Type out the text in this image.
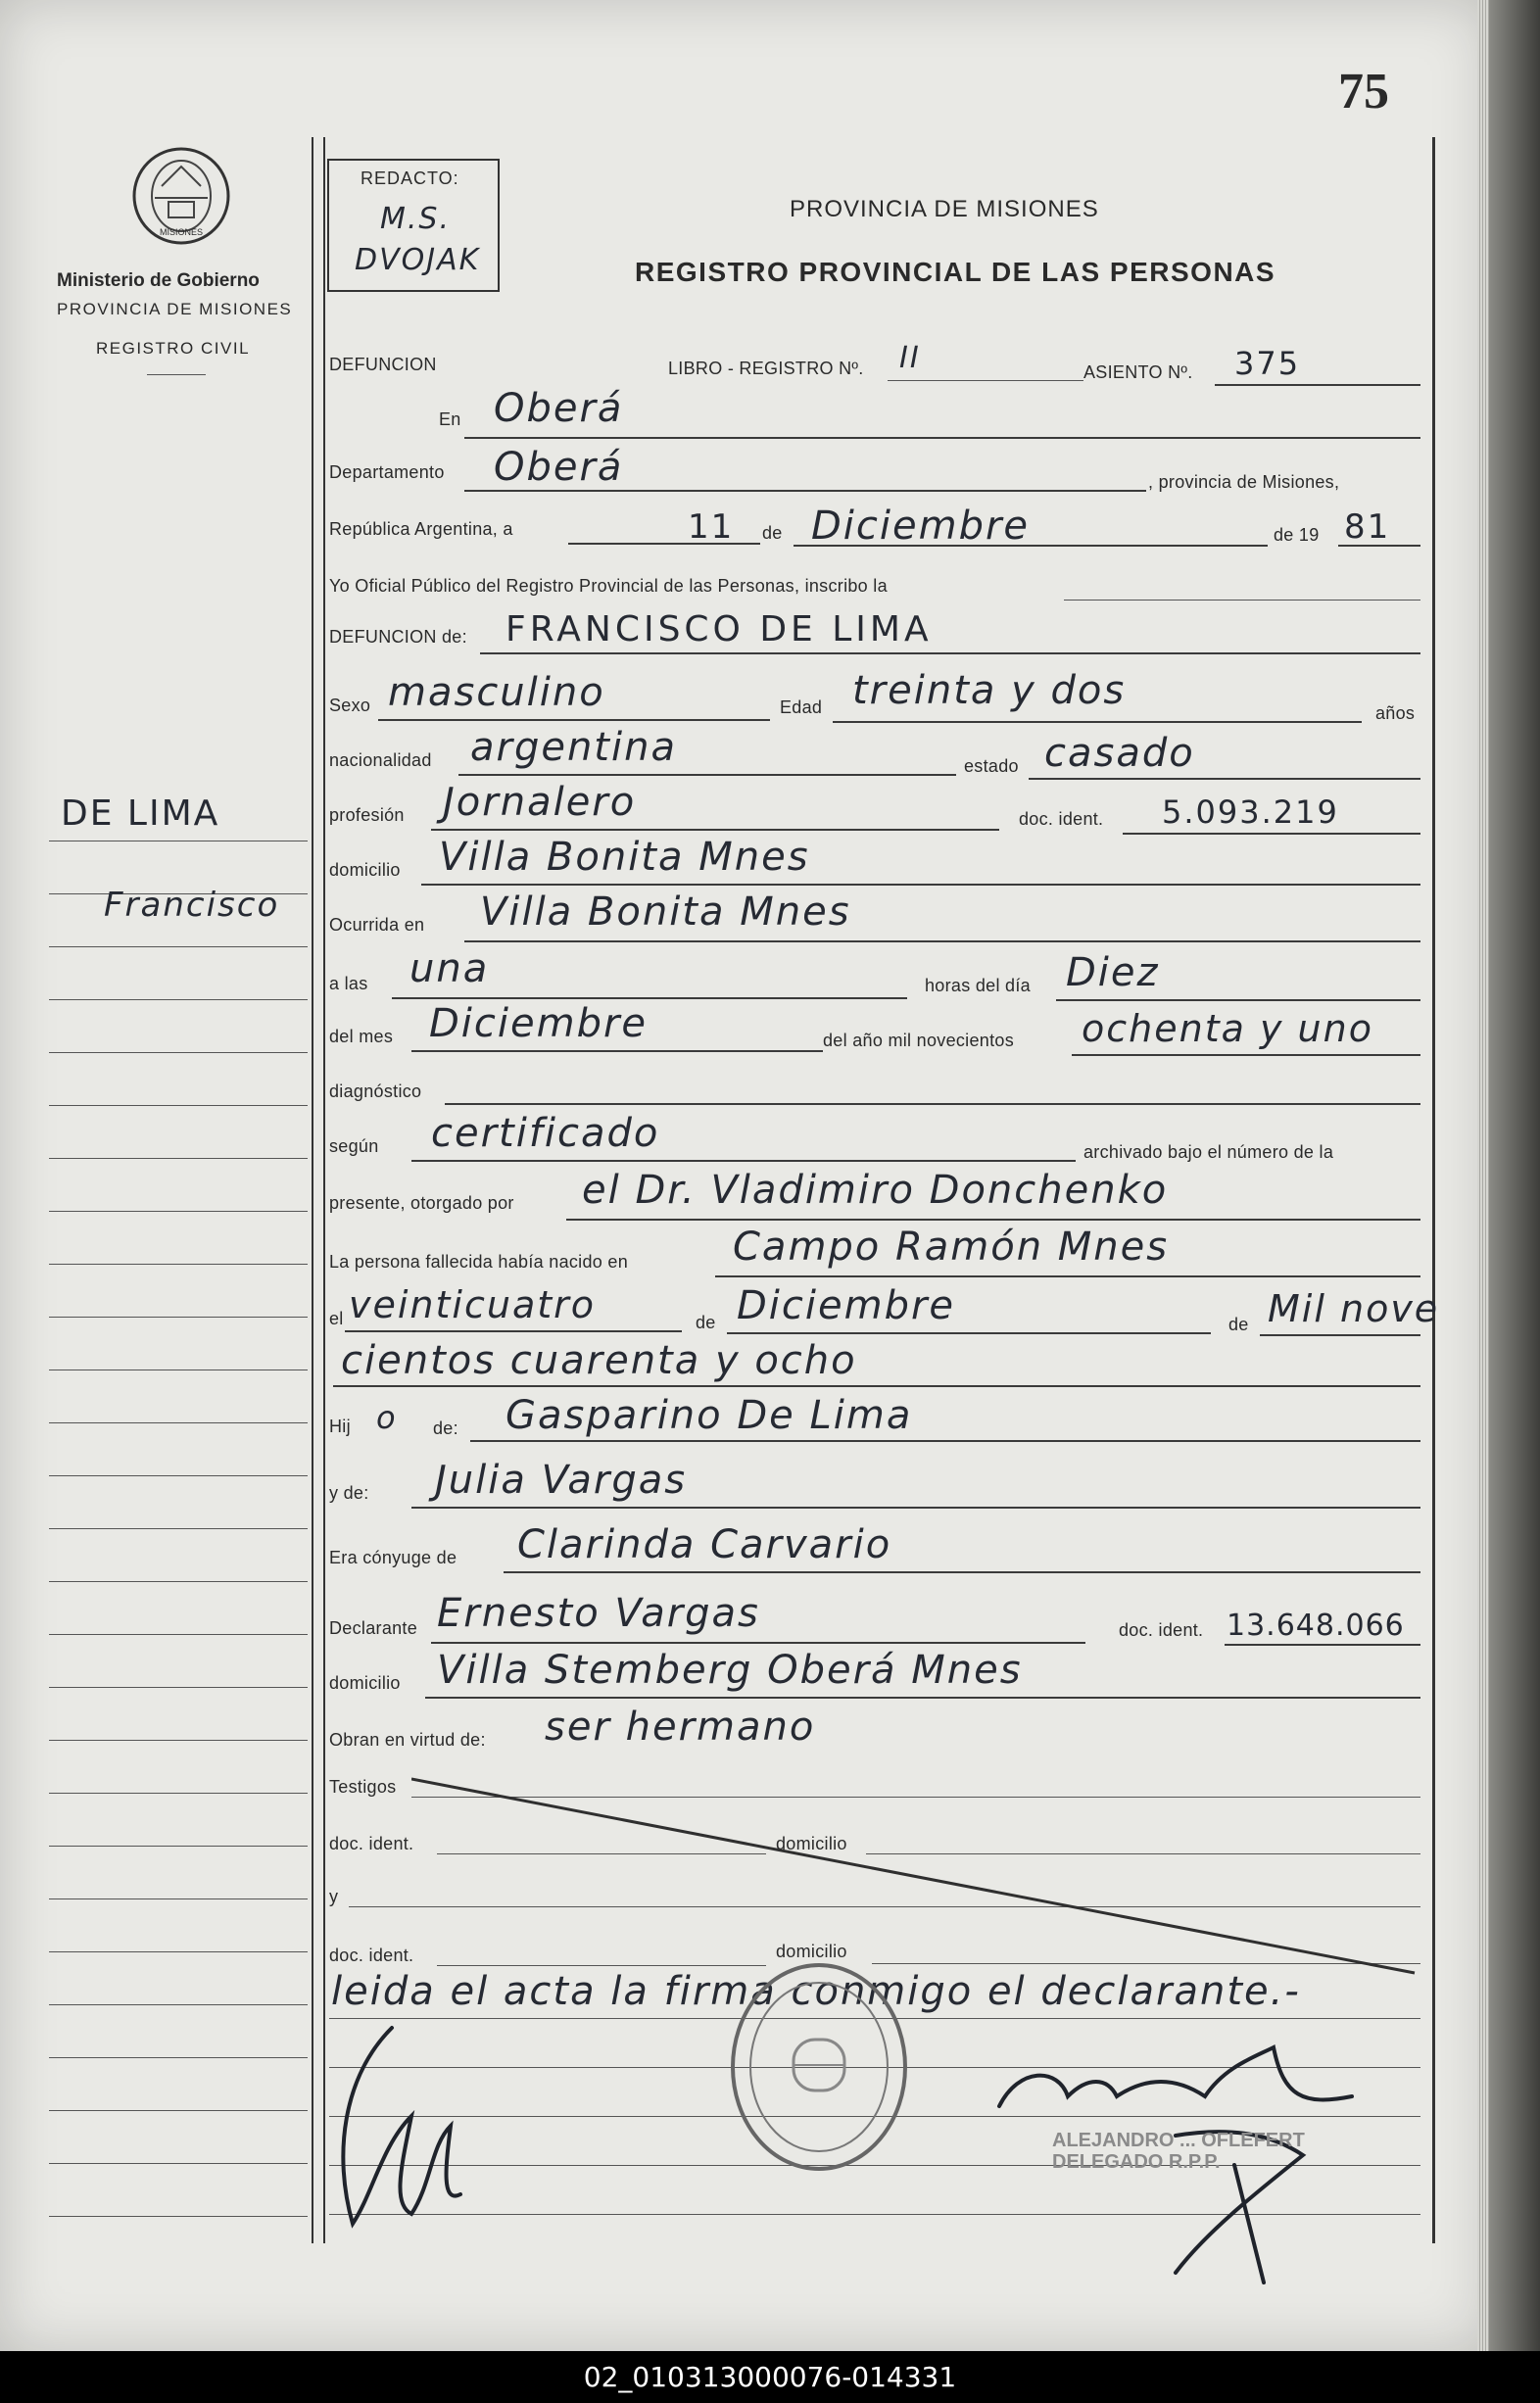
75
MISIONES
Ministerio de Gobierno
PROVINCIA DE MISIONES
REGISTRO CIVIL
REDACTO:
M.S.
DVOJAK
PROVINCIA DE MISIONES
REGISTRO PROVINCIAL DE LAS PERSONAS
DE LIMA
Francisco
DEFUNCION	LIBRO - REGISTRO Nº. II	ASIENTO Nº. 375
En Oberá
Departamento Oberá	, provincia de Misiones,
República Argentina, a	11 de Diciembre	de 19 81
Yo Oficial Público del Registro Provincial de las Personas, inscribo la
DEFUNCION de: FRANCISCO DE LIMA
Sexo masculino	Edad treinta y dos	años
nacionalidad argentina	estado casado
profesión Jornalero	doc. ident. 5.093.219
domicilio Villa Bonita Mnes
Ocurrida en Villa Bonita Mnes
a las una	horas del día Diez
del mes Diciembre	del año mil novecientos ochenta y uno
diagnóstico
según certificado	archivado bajo el número de la
presente, otorgado por el Dr. Vladimiro Donchenko
La persona fallecida había nacido en	Campo Ramón Mnes
el veinticuatro	de Diciembre	de Mil nove
cientos cuarenta y ocho
Hij o de: Gasparino De Lima
y de: Julia Vargas
Era cónyuge de Clarinda Carvario
Declarante Ernesto Vargas	doc. ident. 13.648.066
domicilio Villa Stemberg Oberá Mnes
Obran en virtud de: ser hermano
Testigos
doc. ident.	domicilio
y
doc. ident.	domicilio
leida el acta la firma conmigo el declarante.-
ALEJANDRO ... OFLEFERT
DELEGADO R.P.P.
02_010313000076-014331
